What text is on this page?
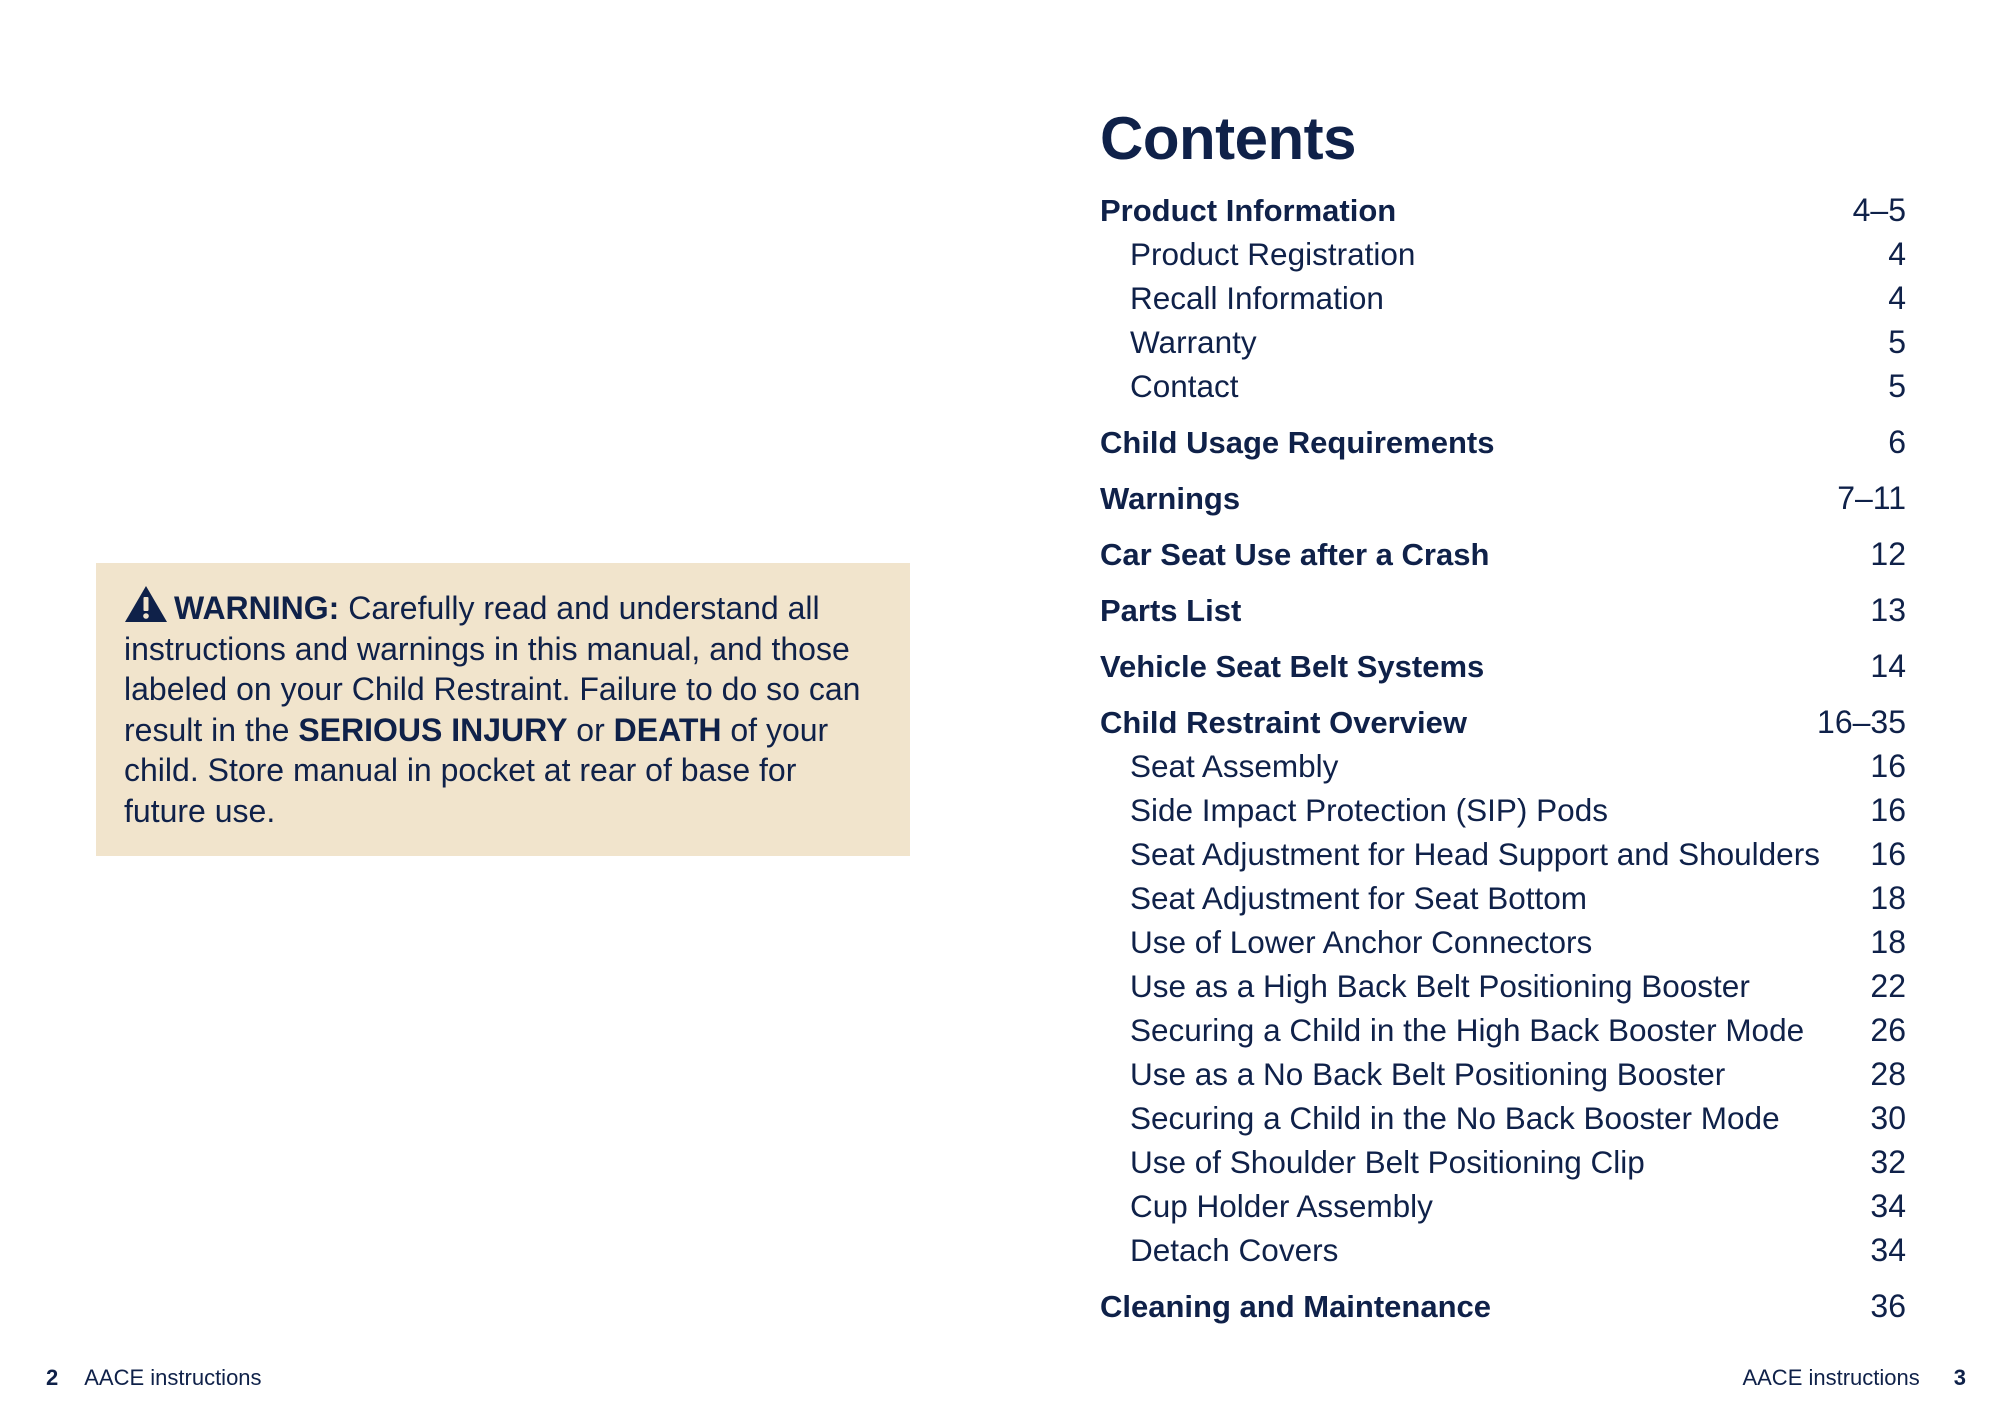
WARNING: Carefully read and understand all instructions and warnings in this manual, and those labeled on your Child Restraint. Failure to do so can result in the SERIOUS INJURY or DEATH of your child. Store manual in pocket at rear of base for future use.

Contents
Product Information	4–5
Product Registration	4
Recall Information	4
Warranty	5
Contact	5
Child Usage Requirements	6
Warnings	7–11
Car Seat Use after a Crash	12
Parts List	13
Vehicle Seat Belt Systems	14
Child Restraint Overview	16–35
Seat Assembly	16
Side Impact Protection (SIP) Pods	16
Seat Adjustment for Head Support and Shoulders 16
Seat Adjustment for Seat Bottom	18
Use of Lower Anchor Connectors	18
Use as a High Back Belt Positioning Booster	22
Securing a Child in the High Back Booster Mode 26
Use as a No Back Belt Positioning Booster	28
Securing a Child in the No Back Booster Mode	30
Use of Shoulder Belt Positioning Clip	32
Cup Holder Assembly	34
Detach Covers	34
Cleaning and Maintenance	36
2 AACE instructions	AACE instructions 3
